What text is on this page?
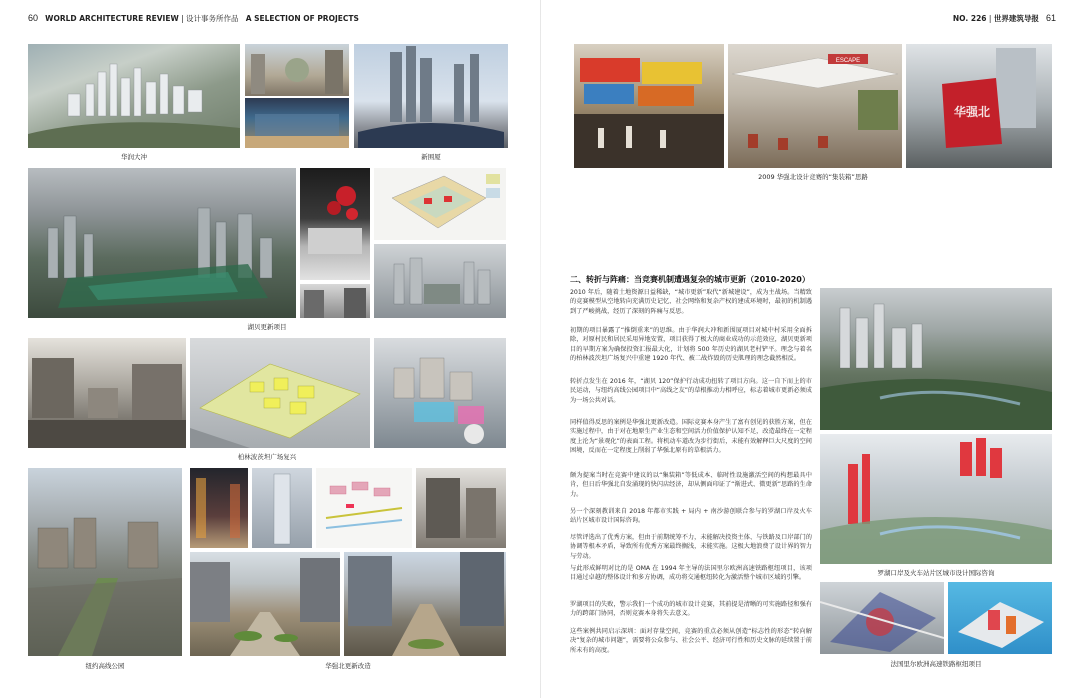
60 WORLD ARCHITECTURE REVIEW | 设计事务所作品 A SELECTION OF PROJECTS	NO. 226 | 世界建筑导报 61
华润大冲	新围厦
湖贝更新项目
柏林波茨坦广场复兴
纽约高线公园	华强北更新改造
ESCAPE
华强北
2009 华强北设计竞赛的“集装箱”思路
二、转折与阵痛：当竞赛机制遭遇复杂的城市更新（2010-2020）
2010 年后，随着土地资源日益稀缺，“城市更新”取代“新城建设”，成为主战场。当精致的竞赛模型从空地转向充满历史记忆、社会网络和复杂产权的建成环境时，最初的机制遇到了严峻挑战，经历了深刻的阵痛与反思。
初期的项目暴露了“推倒重来”的思维。由于华润大冲和新围厦项目对城中村采用全面拆除，对原村民和居民采用异地安置，项目获得了极大的商业成功的示范效应，湖贝更新项目的早期方案为确保投资汇报最大化，计划将 500 年历史的湖贝老村铲平。理念与着名的柏林波茨坦广场复兴中重建 1920 年代、被二战炸毁的历史肌理的理念截然相反。
转折点发生在 2016 年，“湖贝 120”保护行动成功扭转了项目方向。这一自下而上的市民运动，与纽约高线公园项目中“高线之友”的草根推动力相呼应，标志着城市更新必须成为一场公共对话。
同样值得反思的案例是华强北更新改造。国际竞赛本身产生了富有创见的获胜方案，但在实施过程中，由于对在地原生产业生态和空间活力价值保护认知不足，改造最终在一定程度上沦为“景观化”的表面工程。将机动车道改为步行街后，未能有效解释巨大尺度的空间困境，反而在一定程度上削弱了华强北原有的草根活力。
颇为提案当时在竞赛中建议的以“集装箱”等低成本、临时性设施激活空间的构想最具中肯，但日后华强北自发涌现的快闪店经济，却从侧面印证了“渐进式、微更新”思路的生命力。
另一个深刻教训来自 2018 年都市实践 + 局内 + 南沙游创联合参与的罗湖口岸及火车站片区城市设计国际咨询。
尽管评选出了优秀方案，但由于前期统筹不力，未能解决投资主体、与铁路及口岸部门的协调等根本矛盾，导致所有优秀方案最终搁浅，未能实施。这极大地浪费了设计界的智力与劳动。
与此形成鲜明对比的是 OMA 在 1994 年主导的法国里尔欧洲高速铁路枢纽项目，该项目通过卓越的整体设计和多方协调，成功将交通枢纽转化为激活整个城市区域的引擎。
罗湖项目的失败，警示我们一个成功的城市设计竞赛，其前提是清晰的可实施路径和强有力的跨部门协同，否则竞赛本身将失去意义。
这些案例共同启示深圳：面对存量空间，竞赛的重点必须从创造“标志性的形态”转向解决“复杂的城市问题”，需要将公众参与、社会公平、经济可行性和历史文脉的延续置于前所未有的高度。
罗湖口岸及火车站片区城市设计国际咨询
法国里尔欧洲高速铁路枢纽项目
